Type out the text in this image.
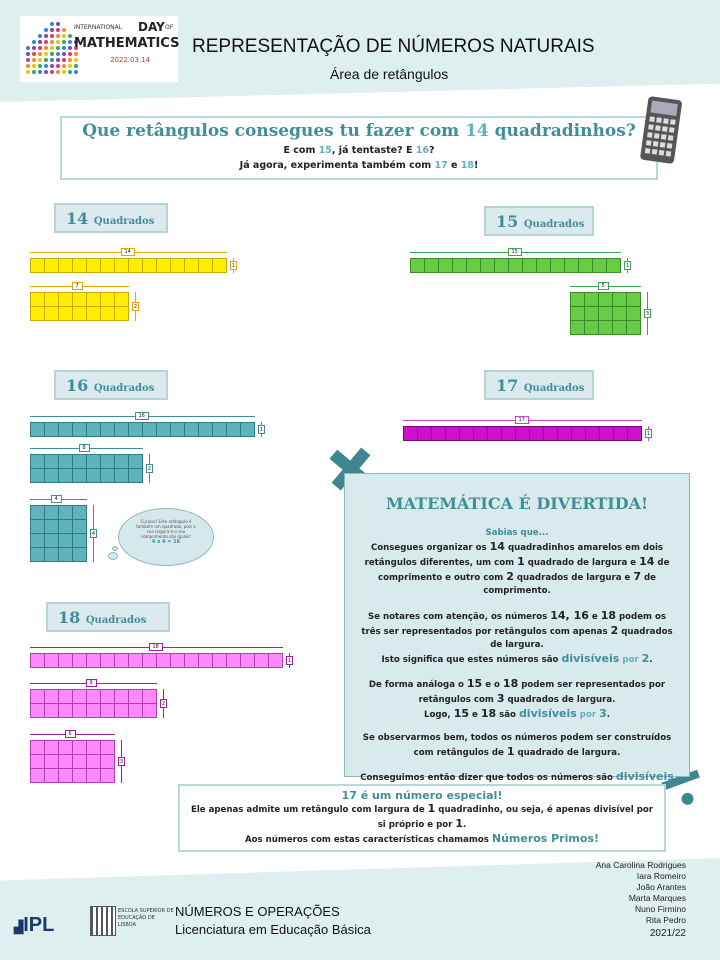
INTERNATIONAL DAY OF
MATHEMATICS
2022.03.14
REPRESENTAÇÃO DE NÚMEROS NATURAIS
Área de retângulos
Que retângulos consegues tu fazer com 14 quadradinhos?
E com 15, já tentaste? E 16?
Já agora, experimenta também com 17 e 18!
14 Quadrados	15 Quadrados
16 Quadrados	17 Quadrados
18 Quadrados
14
1
7
2
15
1
5
3
16
1
8
2
4
4
17
1
18
1
9
2
6
3
Curioso! Este retângulo é também um quadrado, pois a sua largura e o seu comprimento são iguais!
4 x 4 = 16
MATEMÁTICA É DIVERTIDA!
Sabias que...
Consegues organizar os 14 quadradinhos amarelos em dois retângulos diferentes, um com 1 quadrado de largura e 14 de comprimento e outro com 2 quadrados de largura e 7 de comprimento.
Se notares com atenção, os números 14, 16 e 18 podem os três ser representados por retângulos com apenas 2 quadrados de largura.
Isto significa que estes números são divisíveis por 2.
De forma análoga o 15 e o 18 podem ser representados por retângulos com 3 quadrados de largura.
Logo, 15 e 18 são divisíveis por 3.
Se observarmos bem, todos os números podem ser construídos com retângulos de 1 quadrado de largura.
Conseguimos então dizer que todos os números são divisíveis
17 é um número especial!
Ele apenas admite um retângulo com largura de 1 quadradinho, ou seja, é apenas divisível por si próprio e por 1.
Aos números com estas características chamamos Números Primos!
Ana Carolina Rodrigues
Iara Romeiro
João Arantes
Marta Marques
Nuno Firmino
Rita Pedro
2021/22
▟IPL
ESCOLA SUPERIOR DE EDUCAÇÃO DE LISBOA
NÚMEROS E OPERAÇÕES
Licenciatura em Educação Básica
